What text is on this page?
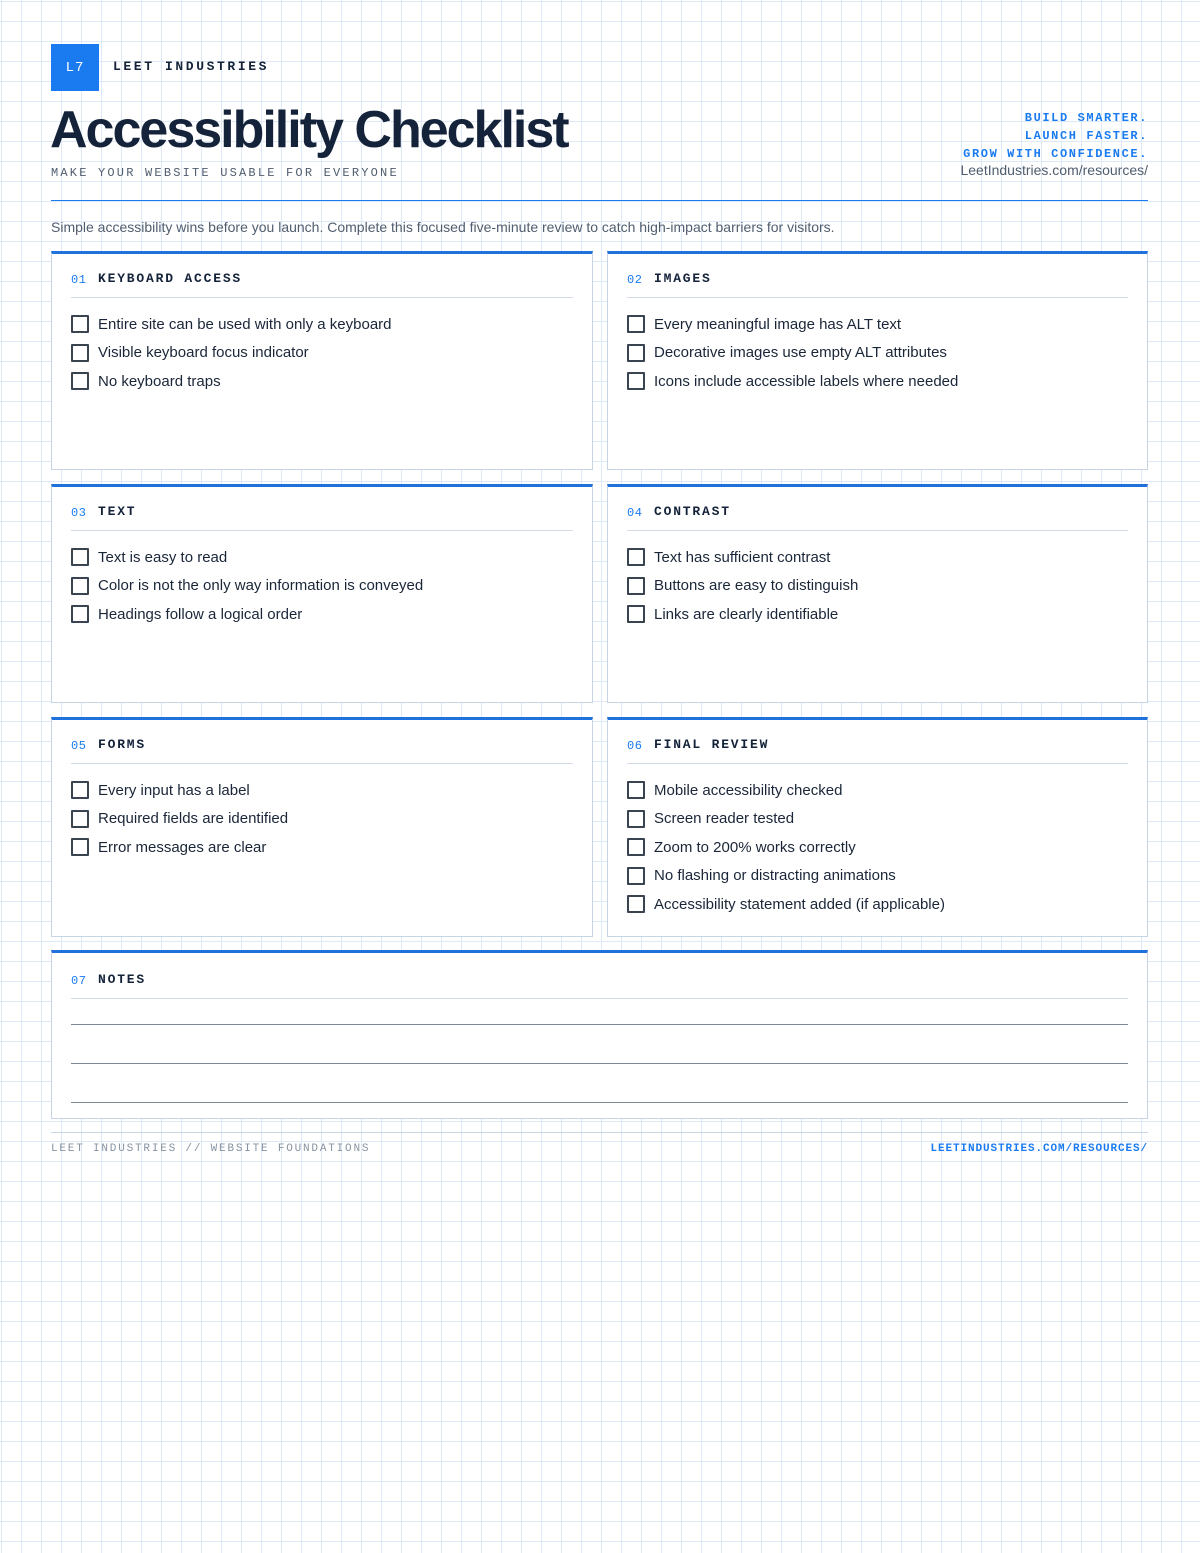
L7	LEET INDUSTRIES
Accessibility Checklist
MAKE YOUR WEBSITE USABLE FOR EVERYONE
BUILD SMARTER.
LAUNCH FASTER.
GROW WITH CONFIDENCE.
LeetIndustries.com/resources/

Simple accessibility wins before you launch. Complete this focused five-minute review to catch high-impact barriers for visitors.

01 KEYBOARD ACCESS
Entire site can be used with only a keyboard
Visible keyboard focus indicator
No keyboard traps
02 IMAGES
Every meaningful image has ALT text
Decorative images use empty ALT attributes
Icons include accessible labels where needed
03 TEXT
Text is easy to read
Color is not the only way information is conveyed
Headings follow a logical order
04 CONTRAST
Text has sufficient contrast
Buttons are easy to distinguish
Links are clearly identifiable
05 FORMS
Every input has a label
Required fields are identified
Error messages are clear
06 FINAL REVIEW
Mobile accessibility checked
Screen reader tested
Zoom to 200% works correctly
No flashing or distracting animations
Accessibility statement added (if applicable)
07 NOTES
LEET INDUSTRIES // WEBSITE FOUNDATIONS	LEETINDUSTRIES.COM/RESOURCES/
